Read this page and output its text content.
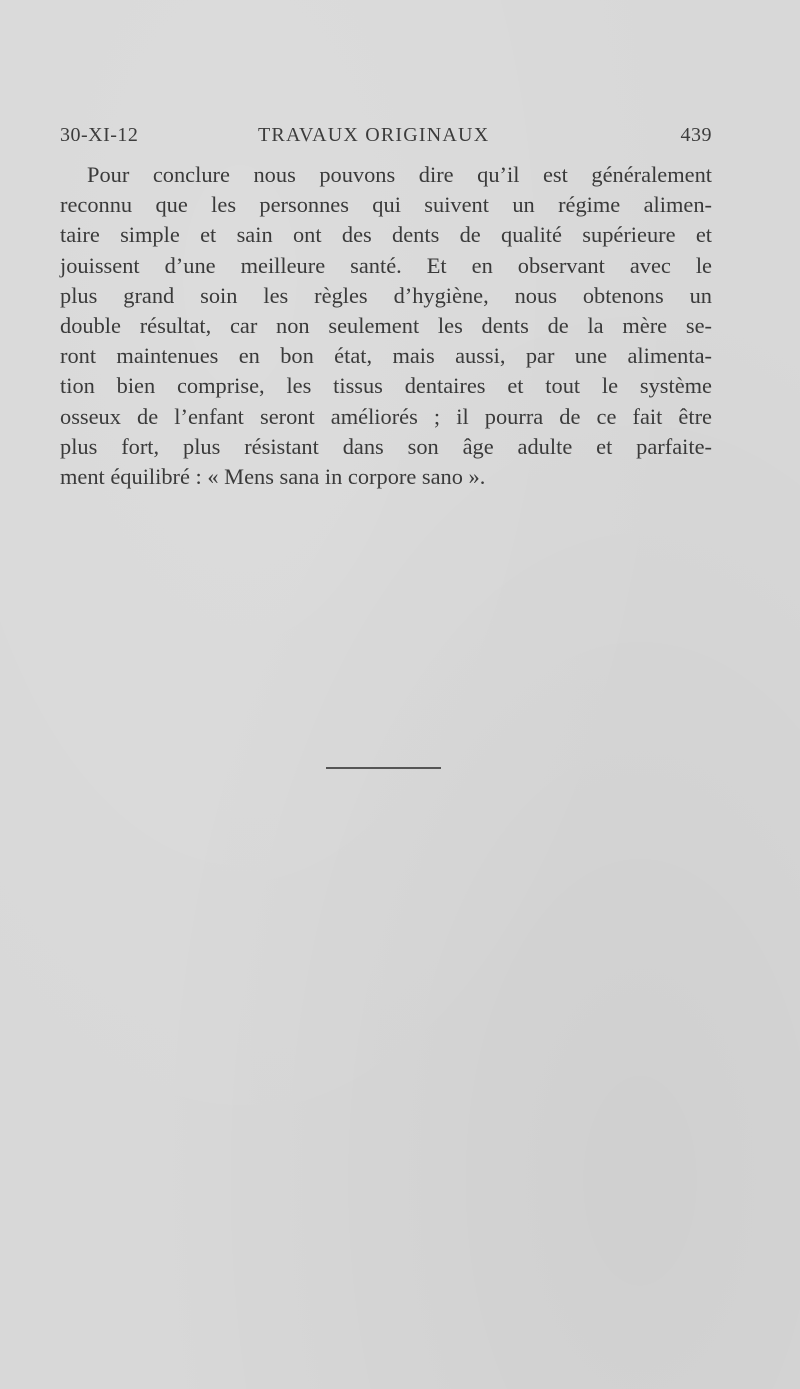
30-XI-12	TRAVAUX ORIGINAUX	439
Pour conclure nous pouvons dire qu’il est généralement
reconnu que les personnes qui suivent un régime alimen-
taire simple et sain ont des dents de qualité supérieure et
jouissent d’une meilleure santé. Et en observant avec le
plus grand soin les règles d’hygiène, nous obtenons un
double résultat, car non seulement les dents de la mère se-
ront maintenues en bon état, mais aussi, par une alimenta-
tion bien comprise, les tissus dentaires et tout le système
osseux de l’enfant seront améliorés ; il pourra de ce fait être
plus fort, plus résistant dans son âge adulte et parfaite-
ment équilibré : « Mens sana in corpore sano ».
